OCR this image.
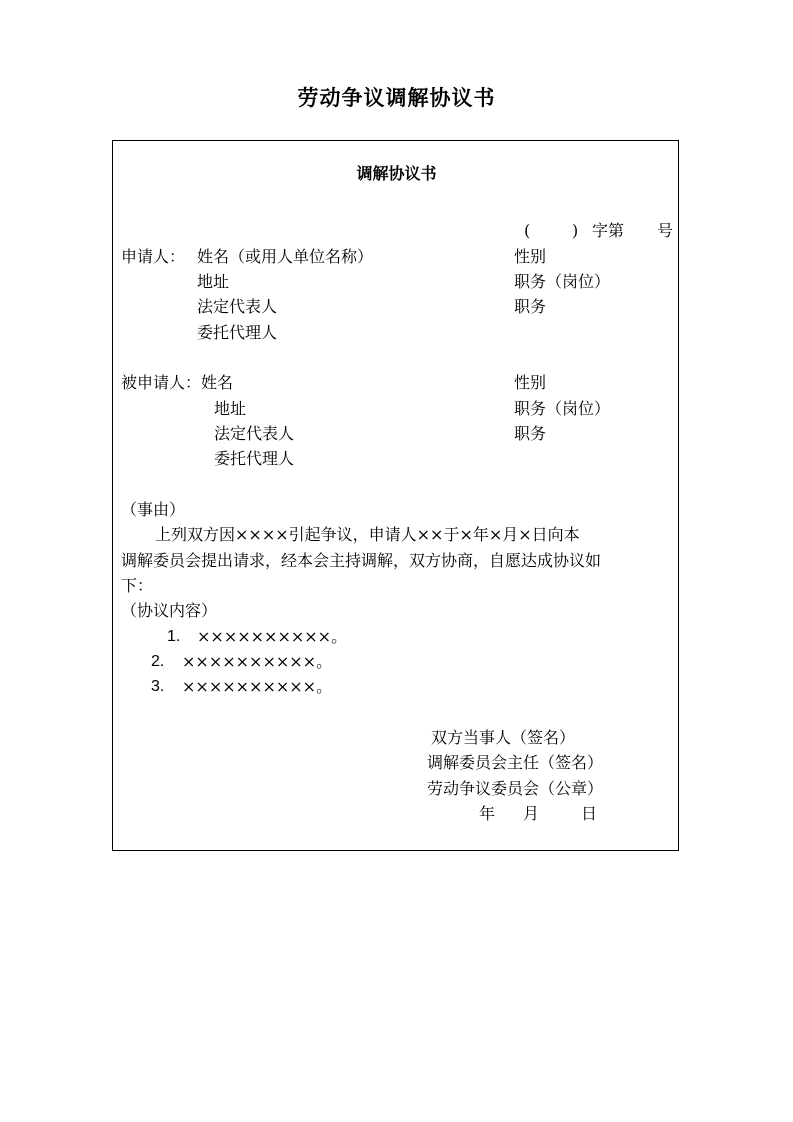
劳动争议调解协议书
调解协议书
(	) 字第 号
申请人： 姓名（或用人单位名称）
地址
法定代表人
委托代理人
性别
职务（岗位）
职务
被申请人： 姓名
地址
法定代表人
委托代理人
性别
职务（岗位）
职务
（事由）
上列双方因××××引起争议，申请人××于×年×月×日向本
调解委员会提出请求，经本会主持调解，双方协商，自愿达成协议如
下：
（协议内容）
1. ××××××××××。
2. ××××××××××。
3. ××××××××××。
双方当事人（签名）
调解委员会主任（签名）
劳动争议委员会（公章）
年 月	日
